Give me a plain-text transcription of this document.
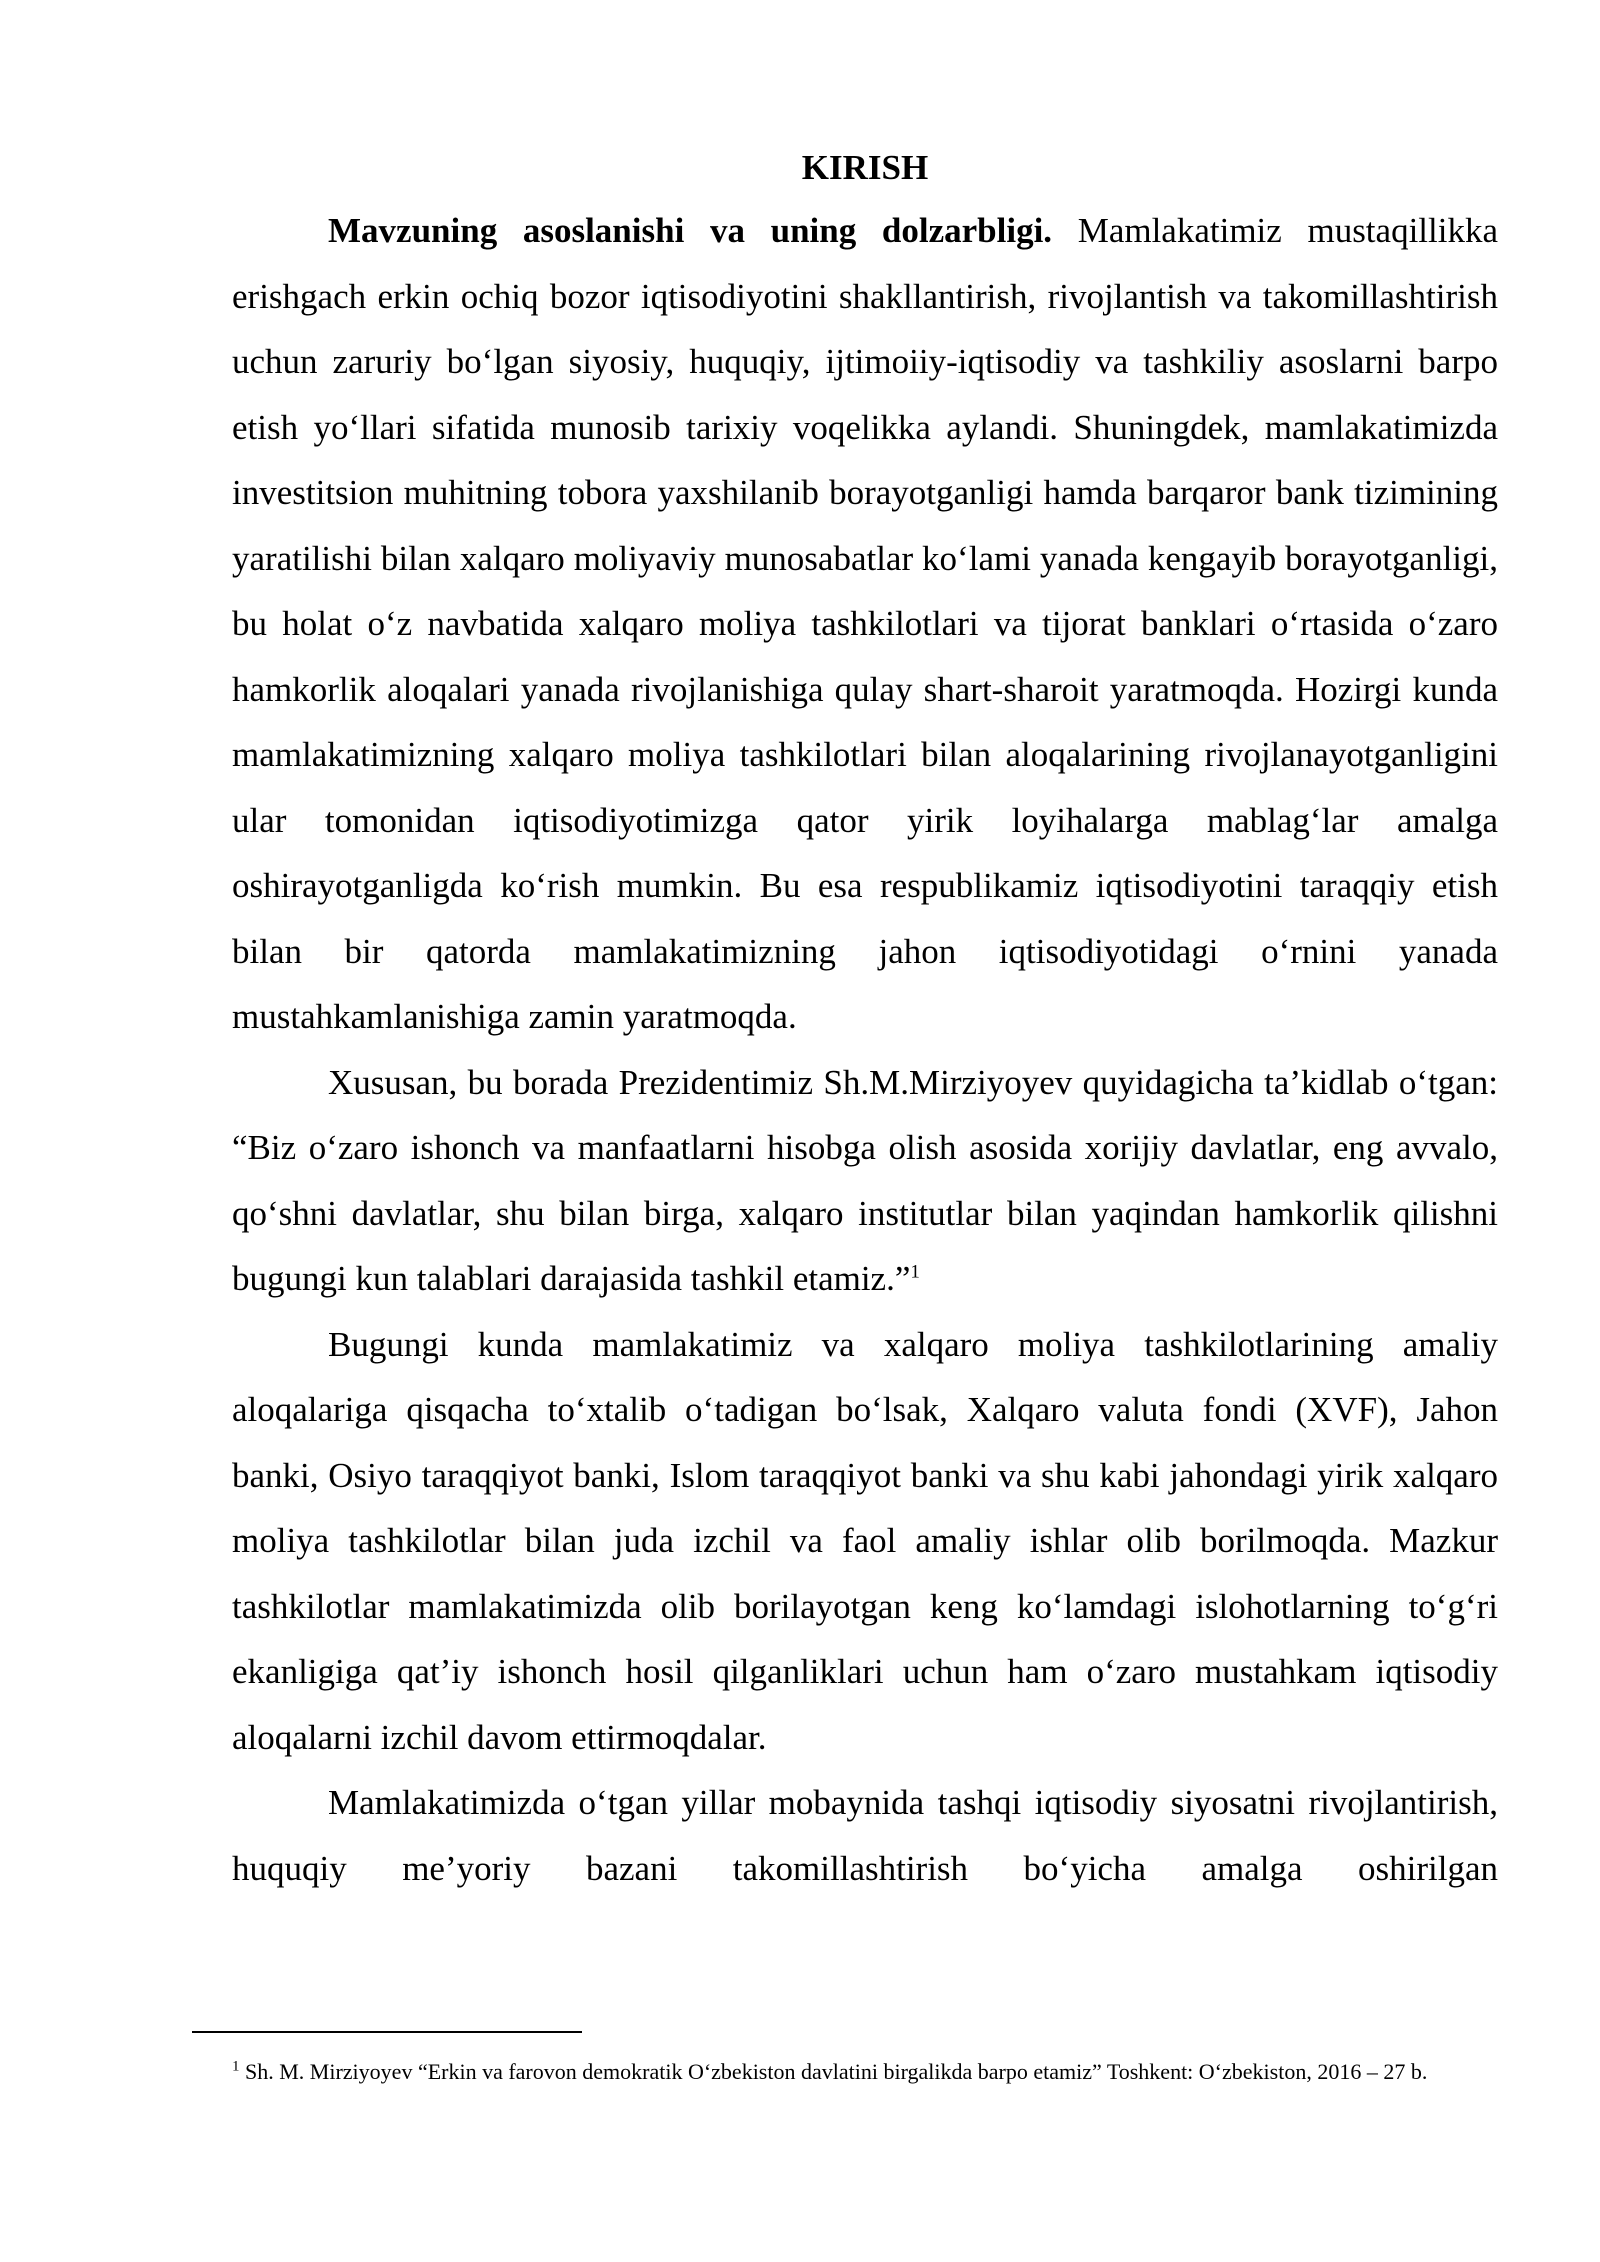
KIRISH

Mavzuning asoslanishi va uning dolzarbligi. Mamlakatimiz mustaqillikka erishgach erkin ochiq bozor iqtisodiyotini shakllantirish, rivojlantish va takomillashtirish uchun zaruriy bo‘lgan siyosiy, huquqiy, ijtimoiiy-iqtisodiy va tashkiliy asoslarni barpo etish yo‘llari sifatida munosib tarixiy voqelikka aylandi. Shuningdek, mamlakatimizda investitsion muhitning tobora yaxshilanib borayotganligi hamda barqaror bank tizimining yaratilishi bilan xalqaro moliyaviy munosabatlar ko‘lami yanada kengayib borayotganligi, bu holat o‘z navbatida xalqaro moliya tashkilotlari va tijorat banklari o‘rtasida o‘zaro hamkorlik aloqalari yanada rivojlanishiga qulay shart-sharoit yaratmoqda. Hozirgi kunda mamlakatimizning xalqaro moliya tashkilotlari bilan aloqalarining rivojlanayotganligini ular tomonidan iqtisodiyotimizga qator yirik loyihalarga mablag‘lar amalga oshirayotganligda ko‘rish mumkin. Bu esa respublikamiz iqtisodiyotini taraqqiy etish bilan bir qatorda mamlakatimizning jahon iqtisodiyotidagi o‘rnini yanada mustahkamlanishiga zamin yaratmoqda.

Xususan, bu borada Prezidentimiz Sh.M.Mirziyoyev quyidagicha ta’kidlab o‘tgan: “Biz o‘zaro ishonch va manfaatlarni hisobga olish asosida xorijiy davlatlar, eng avvalo, qo‘shni davlatlar, shu bilan birga, xalqaro institutlar bilan yaqindan hamkorlik qilishni bugungi kun talablari darajasida tashkil etamiz.”$^1$

Bugungi kunda mamlakatimiz va xalqaro moliya tashkilotlarining amaliy aloqalariga qisqacha to‘xtalib o‘tadigan bo‘lsak, Xalqaro valuta fondi (XVF), Jahon banki, Osiyo taraqqiyot banki, Islom taraqqiyot banki va shu kabi jahondagi yirik xalqaro moliya tashkilotlar bilan juda izchil va faol amaliy ishlar olib borilmoqda. Mazkur tashkilotlar mamlakatimizda olib borilayotgan keng ko‘lamdagi islohotlarning to‘g‘ri ekanligiga qat’iy ishonch hosil qilganliklari uchun ham o‘zaro mustahkam iqtisodiy aloqalarni izchil davom ettirmoqdalar.

Mamlakatimizda o‘tgan yillar mobaynida tashqi iqtisodiy siyosatni rivojlantirish, huquqiy me’yoriy bazani takomillashtirish bo‘yicha amalga oshirilgan

$^1$ Sh. M. Mirziyoyev “Erkin va farovon demokratik O‘zbekiston davlatini birgalikda barpo etamiz” Toshkent: O‘zbekiston, 2016 – 27 b.
